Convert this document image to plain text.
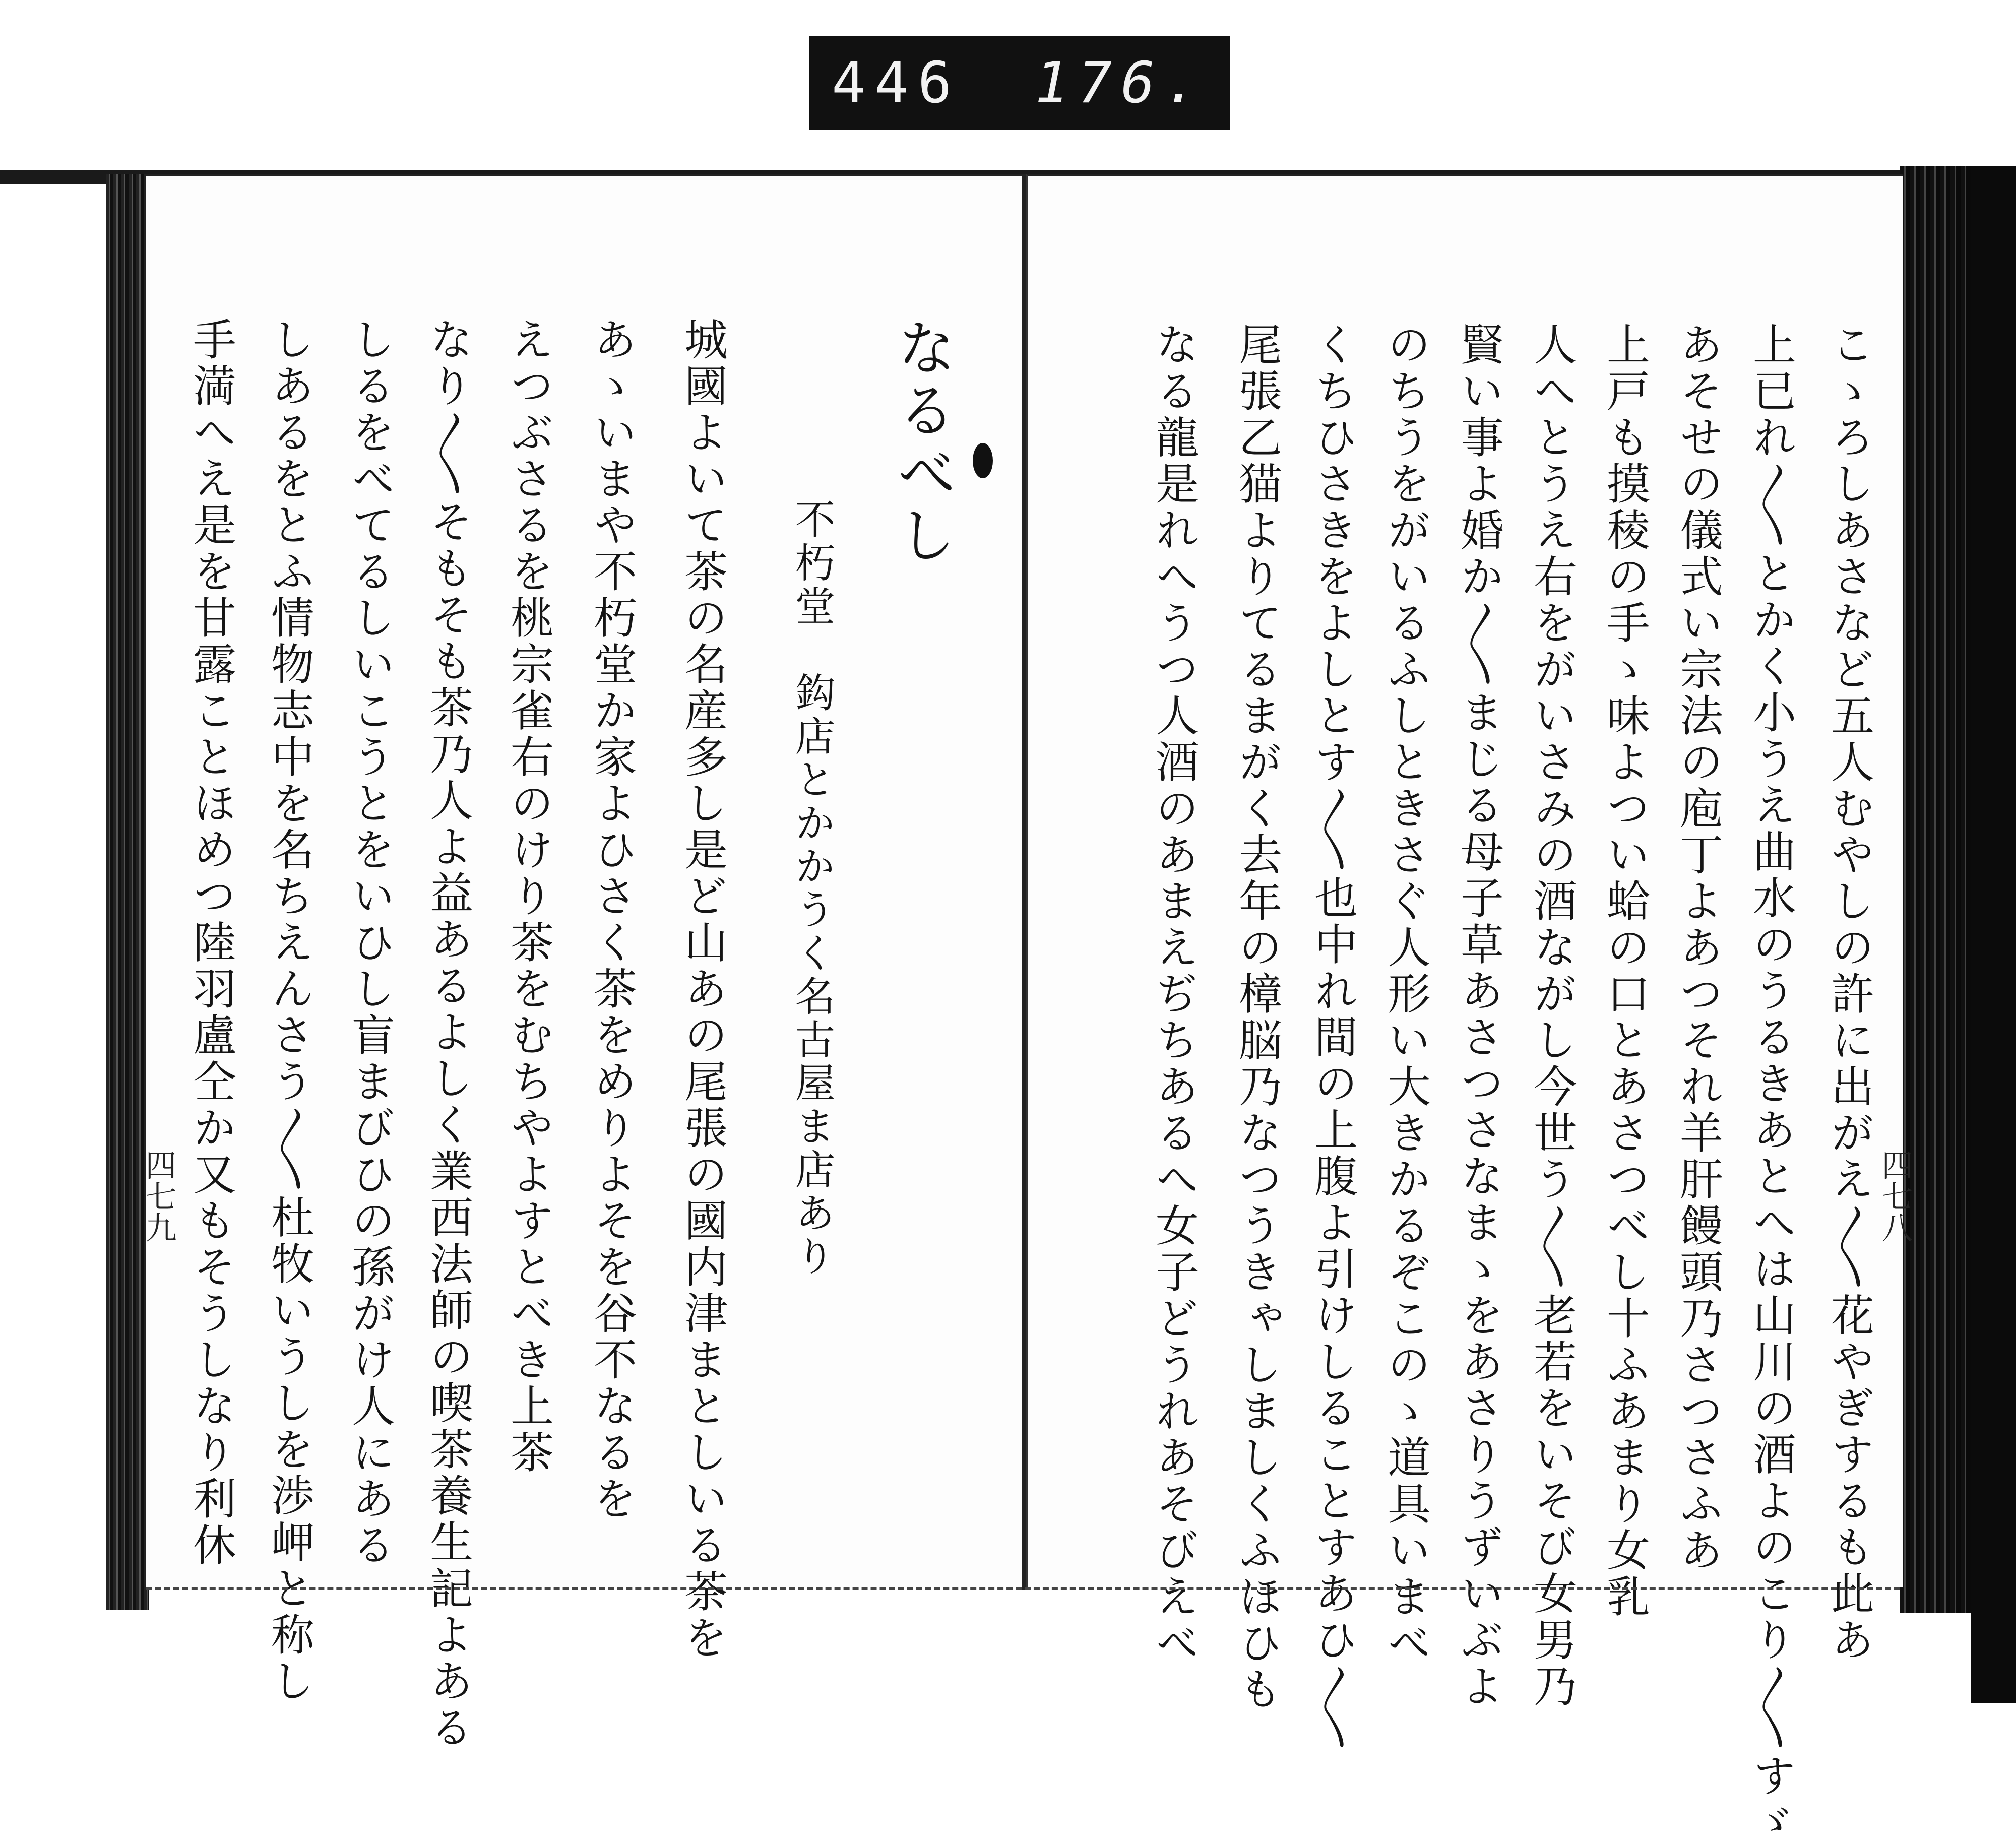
446 176.
なるべし
不朽堂　鈎店とかかうく名古屋ま店あり
城國よいて茶の名産多し是ど山あの尾張の國内津まとしいる茶を
あゝいまや不朽堂か家よひさく茶をめりよそを谷不なるを
えつぶさるを桃宗雀右のけり茶をむちやよすとべき上茶
なり〳〵そもそも茶乃人よ益あるよしく業西法師の喫茶養生記よある
しるをべてるしいこうとをいひし盲まびひの孫がけ人にある
しあるをとふ情物志中を名ちえんさう〳〵杜牧いうしを渉岬と称し
手満へえ是を甘露ことほめつ陸羽盧仝か又もそうしなり利休
四七九	こゝろしあさなど五人むやしの許に出がえ〳〵花やぎするも此あ
上已れ〳〵とかく小うえ曲水のうるきあとへは山川の酒よのこり〳〵すゞ
あそせの儀式い宗法の庖丁よあつそれ羊肝饅頭乃さつさふあ
上戸も摸稜の手ゝ味よつい蛤の口とあさつべし十ふあまり女乳
人へとうえ右をがいさみの酒ながし今世う〳〵老若をいそび女男乃
賢い事よ婚か〳〵まじる母子草あさつさなまゝをあさりうずいぶよ
のちうをがいるふしときさぐ人形い大きかるぞこのゝ道具いまべ
くちひさきをよしとす〳〵也中れ間の上腹よ引けしることすあひ〳〵
尾張乙猫よりてるまがく去年の樟脳乃なつうきゃしましくふほひも
なる龍是れへうつ人酒のあまえぢちあるへ女子どうれあそびえべ	四七八
